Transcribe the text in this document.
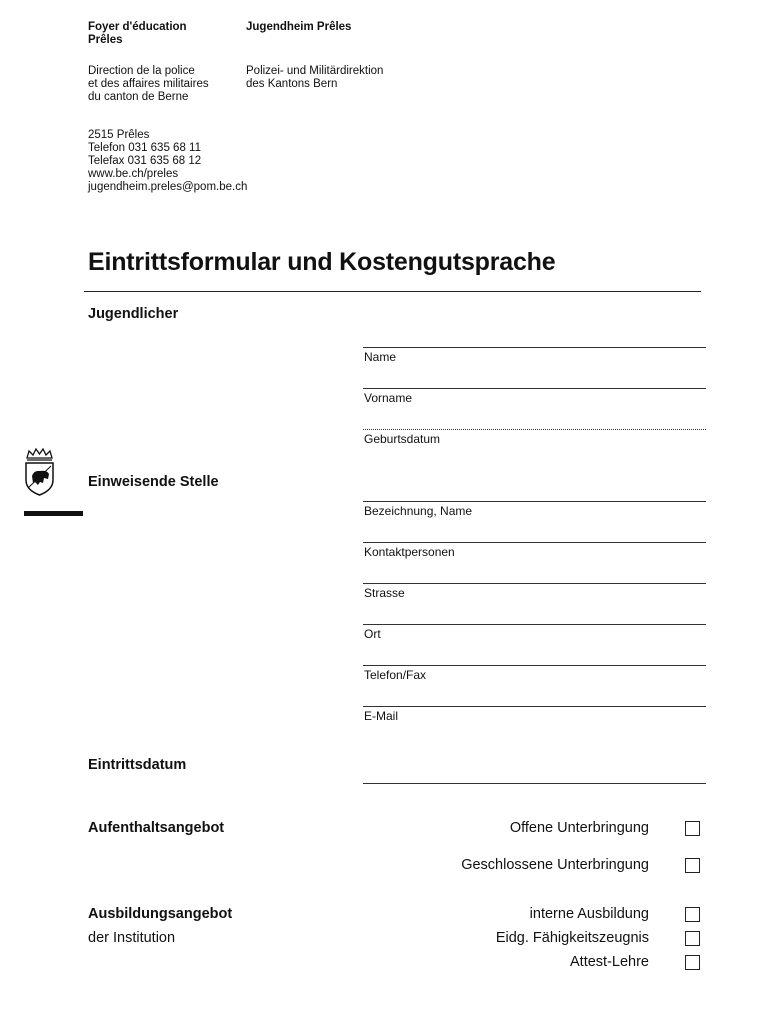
Foyer d'éducation
Prêles
Jugendheim Prêles
Direction de la police
et des affaires militaires
du canton de Berne
Polizei- und Militärdirektion
des Kantons Bern
2515 Prêles
Telefon 031 635 68 11
Telefax 031 635 68 12
www.be.ch/preles
jugendheim.preles@pom.be.ch
Eintrittsformular und Kostengutsprache
Jugendlicher
Name
Vorname
Geburtsdatum
Einweisende Stelle
Bezeichnung, Name
Kontaktpersonen
Strasse
Ort
Telefon/Fax
E-Mail
Eintrittsdatum
Aufenthaltsangebot	Offene Unterbringung
Geschlossene Unterbringung
Ausbildungsangebot
der Institution
interne Ausbildung
Eidg. Fähigkeitszeugnis
Attest-Lehre
